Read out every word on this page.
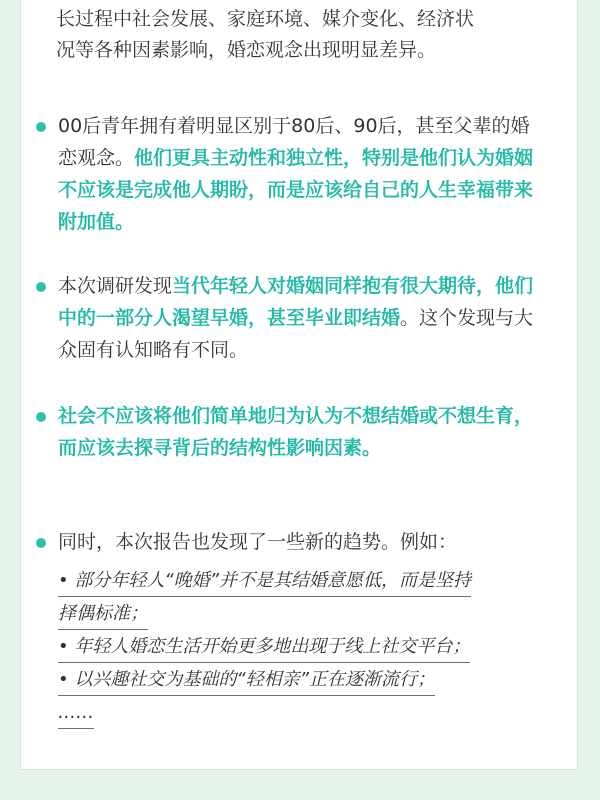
长过程中社会发展、家庭环境、媒介变化、经济状
况等各种因素影响，婚恋观念出现明显差异。
00后青年拥有着明显区别于80后、90后，甚至父辈的婚恋观念。他们更具主动性和独立性，特别是他们认为婚姻不应该是完成他人期盼，而是应该给自己的人生幸福带来附加值。
本次调研发现当代年轻人对婚姻同样抱有很大期待，他们中的一部分人渴望早婚，甚至毕业即结婚。这个发现与大众固有认知略有不同。
社会不应该将他们简单地归为认为不想结婚或不想生育，而应该去探寻背后的结构性影响因素。
同时，本次报告也发现了一些新的趋势。例如：
• 部分年轻人“晚婚”并不是其结婚意愿低，而是坚持
择偶标准；
• 年轻人婚恋生活开始更多地出现于线上社交平台；
• 以兴趣社交为基础的“轻相亲”正在逐渐流行；
……
